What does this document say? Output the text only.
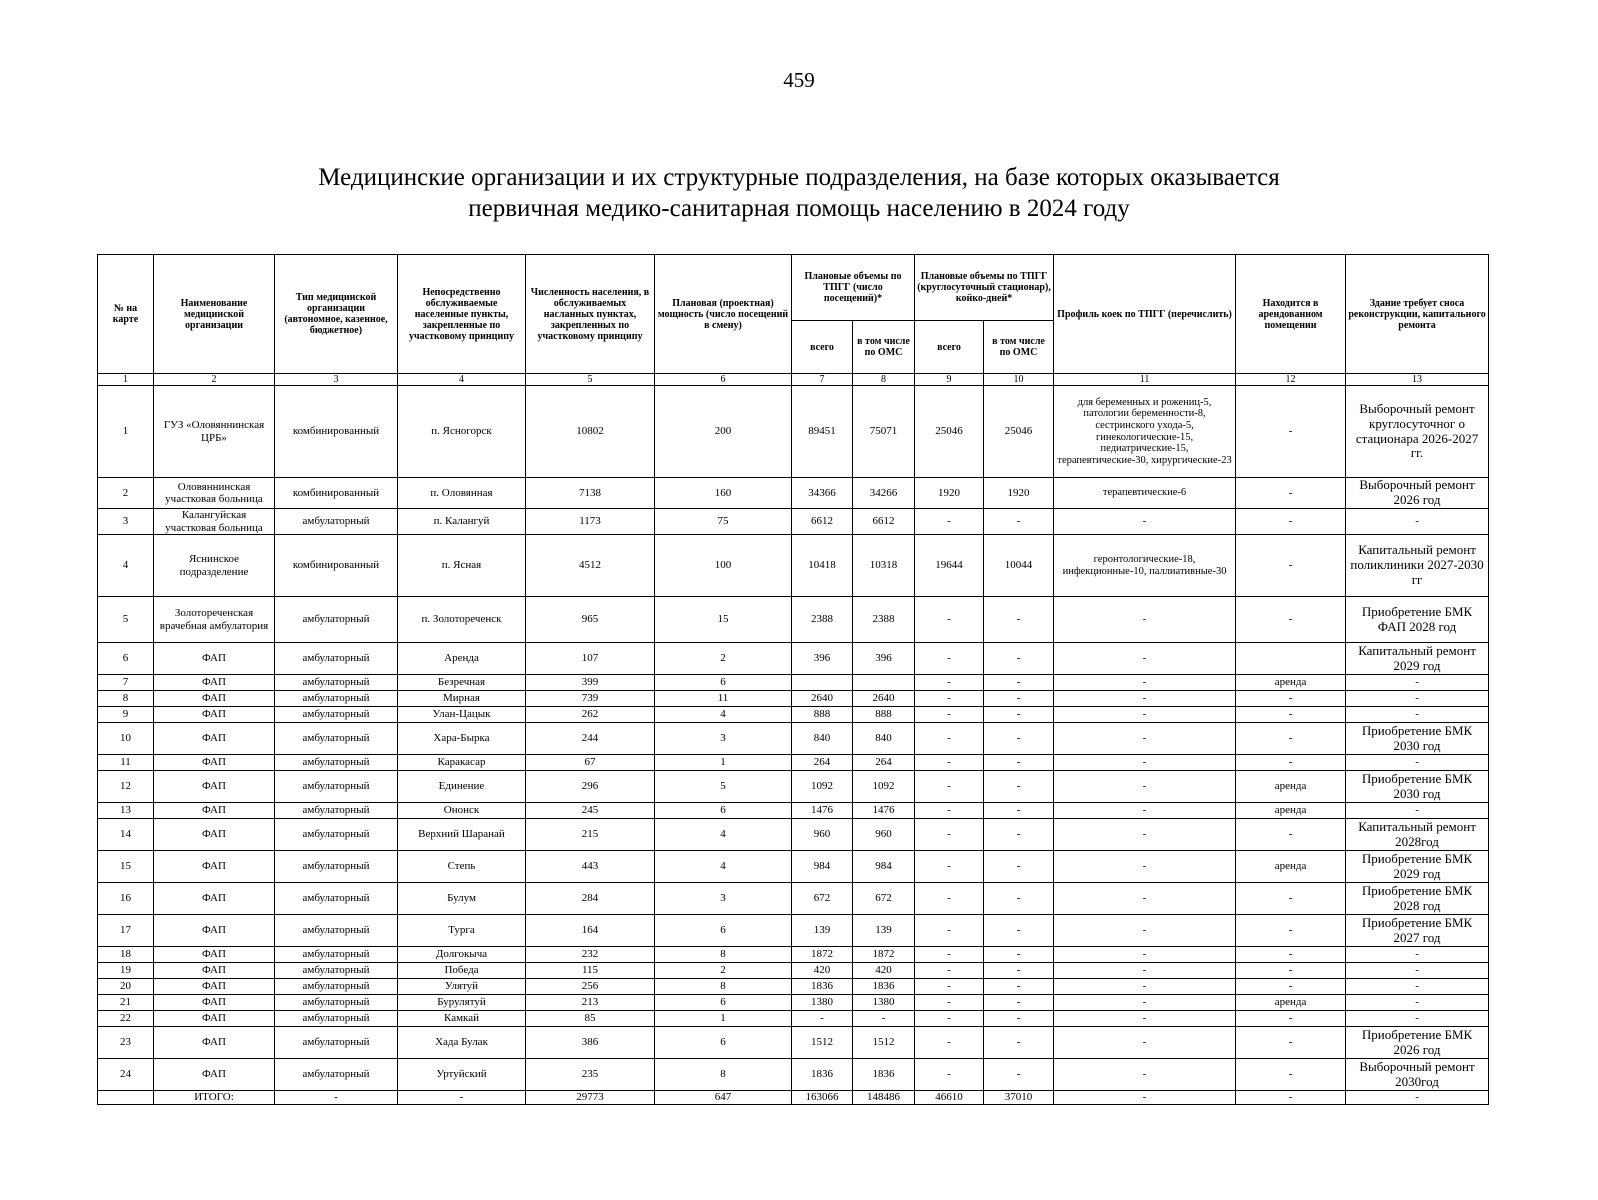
459
Медицинские организации и их структурные подразделения, на базе которых оказывается
первичная медико-санитарная помощь населению в 2024 году
№ на карте	Наименование медицинской организации	Тип медицинской организации (автономное, казенное, бюджетное)	Непосредственно обслуживаемые населенные пункты, закрепленные по участковому принципу	Численность населения, в обслуживаемых насланных пунктах, закрепленных по участковому принципу	Плановая (проектная) мощность (число посещений в смену)	Плановые объемы по ТПГГ (число посещений)*		Плановые объемы по ТПГГ (круглосуточный стационар), койко-дней*		Профиль коек по ТПГГ (перечислить)	Находится в арендованном помещении	Здание требует сноса реконструкции, капитального ремонта
						всего	в том числе по ОМС	всего	в том числе по ОМС			
1	2	3	4	5	6	7	8	9	10	11	12	13
1	ГУЗ «Оловяннинская ЦРБ»	комбинированный	п. Ясногорск	10802	200	89451	75071	25046	25046	для беременных и рожениц-5, патологии беременности-8, сестринского ухода-5, гинекологические-15, педиатрические-15, терапевтические-30, хирургические-23	-	Выборочный ремонт круглосуточног о стационара 2026-2027 гг.
2	Оловяннинская участковая больница	комбинированный	п. Оловянная	7138	160	34366	34266	1920	1920	терапевтические-6	-	Выборочный ремонт 2026 год
3	Калангуйская участковая больница	амбулаторный	п. Калангуй	1173	75	6612	6612	-	-	-	-	-
4	Яснинское подразделение	комбинированный	п. Ясная	4512	100	10418	10318	19644	10044	геронтологические-18, инфекционные-10, паллиативные-30	-	Капитальный ремонт поликлиники 2027-2030 гг
5	Золотореченская врачебная амбулатория	амбулаторный	п. Золотореченск	965	15	2388	2388	-	-	-	-	Приобретение БМК ФАП 2028 год
6	ФАП	амбулаторный	Аренда	107	2	396	396	-	-	-		Капитальный ремонт 2029 год
7	ФАП	амбулаторный	Безречная	399	6			-	-	-	аренда	-
8	ФАП	амбулаторный	Мирная	739	11	2640	2640	-	-	-	-	-
9	ФАП	амбулаторный	Улан-Цацык	262	4	888	888	-	-	-	-	-
10	ФАП	амбулаторный	Хара-Бырка	244	3	840	840	-	-	-	-	Приобретение БМК 2030 год
11	ФАП	амбулаторный	Каракасар	67	1	264	264	-	-	-	-	-
12	ФАП	амбулаторный	Единение	296	5	1092	1092	-	-	-	аренда	Приобретение БМК 2030 год
13	ФАП	амбулаторный	Ононск	245	6	1476	1476	-	-	-	аренда	-
14	ФАП	амбулаторный	Верхний Шаранай	215	4	960	960	-	-	-	-	Капитальный ремонт 2028год
15	ФАП	амбулаторный	Степь	443	4	984	984	-	-	-	аренда	Приобретение БМК 2029 год
16	ФАП	амбулаторный	Булум	284	3	672	672	-	-	-	-	Приобретение БМК 2028 год
17	ФАП	амбулаторный	Турга	164	6	139	139	-	-	-	-	Приобретение БМК 2027 год
18	ФАП	амбулаторный	Долгокыча	232	8	1872	1872	-	-	-	-	-
19	ФАП	амбулаторный	Победа	115	2	420	420	-	-	-	-	-
20	ФАП	амбулаторный	Улятуй	256	8	1836	1836	-	-	-	-	-
21	ФАП	амбулаторный	Бурулятуй	213	6	1380	1380	-	-	-	аренда	-
22	ФАП	амбулаторный	Камкай	85	1	-	-	-	-	-	-	-
23	ФАП	амбулаторный	Хада Булак	386	6	1512	1512	-	-	-	-	Приобретение БМК 2026 год
24	ФАП	амбулаторный	Уртуйский	235	8	1836	1836	-	-	-	-	Выборочный ремонт 2030год
	ИТОГО:	-	-	29773	647	163066	148486	46610	37010	-	-	-
